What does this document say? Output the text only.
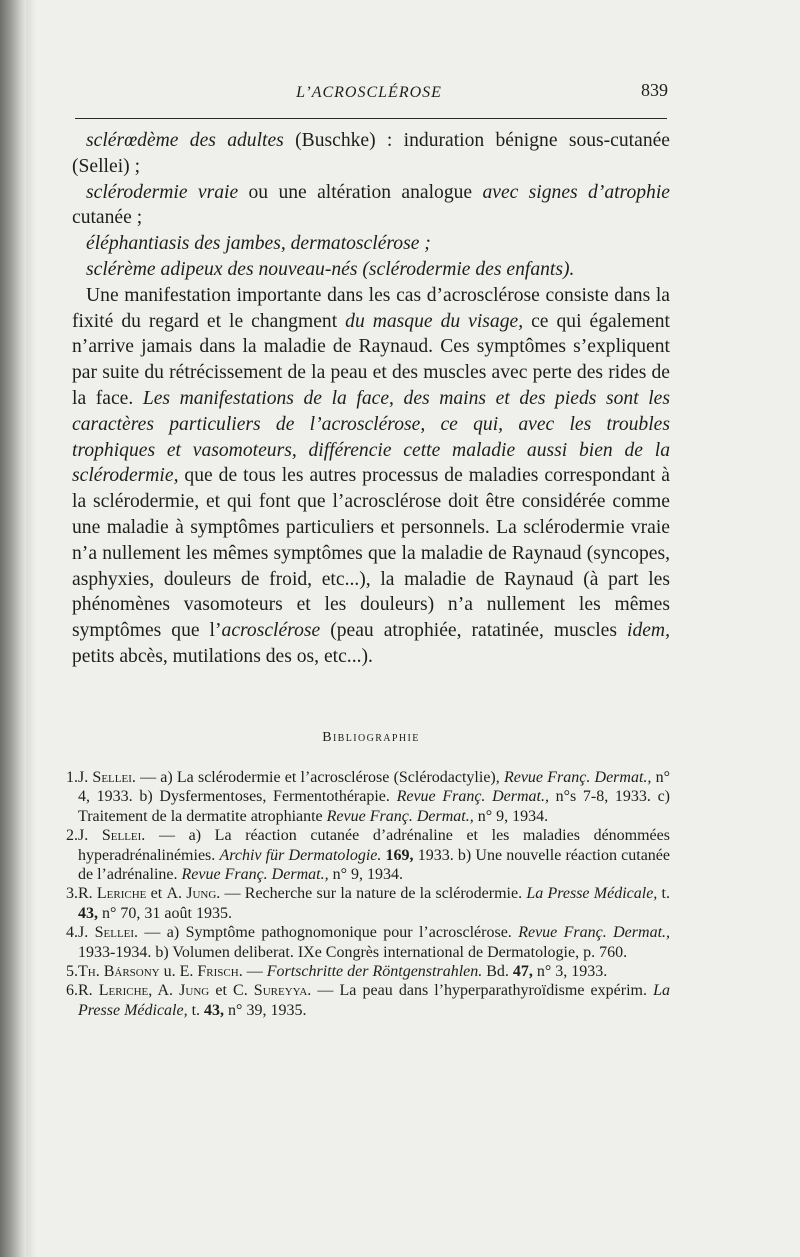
L’ACROSCLÉROSE	839

sclérœdème des adultes (Buschke) : induration bénigne sous-cutanée (Sellei) ;

sclérodermie vraie ou une altération analogue avec signes d’atrophie cutanée ;

éléphantiasis des jambes, dermatosclérose ;

sclérème adipeux des nouveau-nés (sclérodermie des enfants).

Une manifestation importante dans les cas d’acrosclérose consiste dans la fixité du regard et le changment du masque du visage, ce qui également n’arrive jamais dans la maladie de Raynaud. Ces symptômes s’expliquent par suite du rétrécissement de la peau et des muscles avec perte des rides de la face. Les manifestations de la face, des mains et des pieds sont les caractères particuliers de l’acrosclérose, ce qui, avec les troubles trophiques et vasomoteurs, différencie cette maladie aussi bien de la sclérodermie, que de tous les autres processus de maladies correspondant à la sclérodermie, et qui font que l’acrosclérose doit être considérée comme une maladie à symptômes particuliers et personnels. La sclérodermie vraie n’a nullement les mêmes symptômes que la maladie de Raynaud (syncopes, asphyxies, douleurs de froid, etc...), la maladie de Raynaud (à part les phénomènes vasomoteurs et les douleurs) n’a nullement les mêmes symptômes que l’acrosclérose (peau atrophiée, ratatinée, muscles idem, petits abcès, mutilations des os, etc...).

Bibliographie
1. J. Sellei. — a) La sclérodermie et l’acrosclérose (Sclérodactylie), Revue Franç. Dermat., n° 4, 1933. b) Dysfermentoses, Fermentothérapie. Revue Franç. Dermat., n°s 7-8, 1933. c) Traitement de la dermatite atrophiante Revue Franç. Dermat., n° 9, 1934.
2. J. Sellei. — a) La réaction cutanée d’adrénaline et les maladies dénommées hyperadrénalinémies. Archiv für Dermatologie. 169, 1933. b) Une nouvelle réaction cutanée de l’adrénaline. Revue Franç. Dermat., n° 9, 1934.
3. R. Leriche et A. Jung. — Recherche sur la nature de la sclérodermie. La Presse Médicale, t. 43, n° 70, 31 août 1935.
4. J. Sellei. — a) Symptôme pathognomonique pour l’acrosclérose. Revue Franç. Dermat., 1933-1934. b) Volumen deliberat. IXe Congrès international de Dermatologie, p. 760.
5. Th. Bársony u. E. Frisch. — Fortschritte der Röntgenstrahlen. Bd. 47, n° 3, 1933.
6. R. Leriche, A. Jung et C. Sureyya. — La peau dans l’hyperparathyroïdisme expérim. La Presse Médicale, t. 43, n° 39, 1935.
